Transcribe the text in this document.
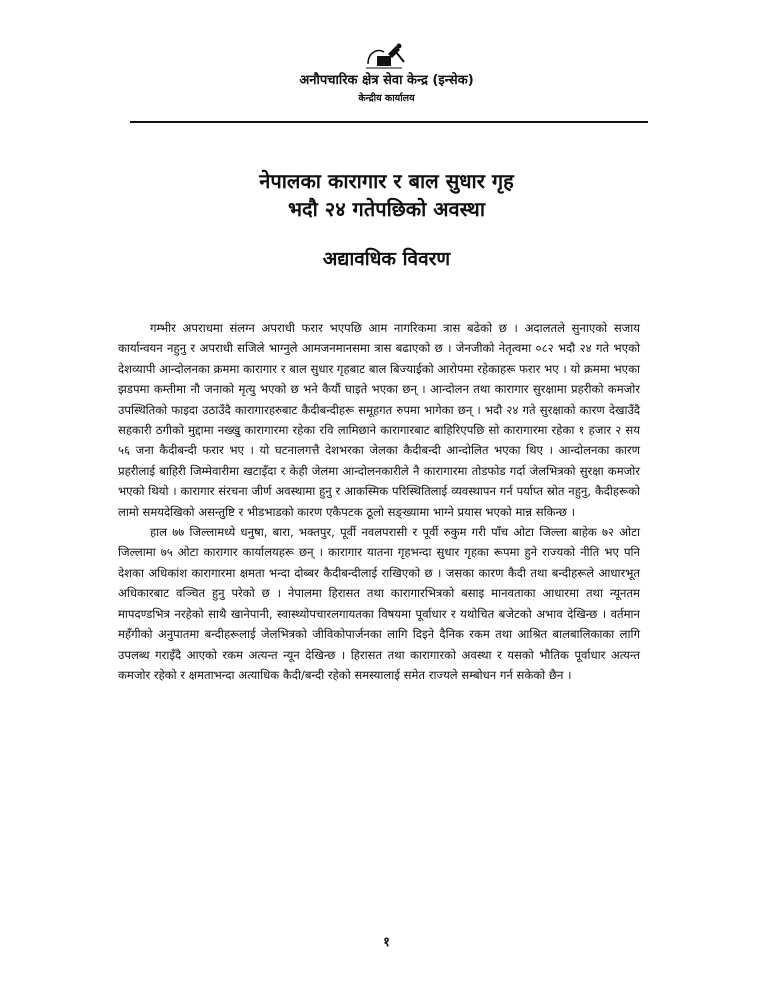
अनौपचारिक क्षेत्र सेवा केन्द्र (इन्सेक)
केन्द्रीय कार्यालय
नेपालका कारागार र बाल सुधार गृह
भदौ २४ गतेपछिको अवस्था
अद्यावधिक विवरण

गम्भीर अपराधमा संलग्न अपराधी फरार भएपछि आम नागरिकमा त्रास बढेको छ । अदालतले सुनाएको सजाय कार्यान्वयन नहुनु र अपराधी सजिले भाग्नुले आमजनमानसमा त्रास बढाएको छ । जेनजीको नेतृत्वमा ०८२ भदौ २४ गते भएको देशव्यापी आन्दोलनका क्रममा कारागार र बाल सुधार गृहबाट बाल बिज्याईको आरोपमा रहेकाहरू फरार भए । यो क्रममा भएका झडपमा कम्तीमा नौ जनाको मृत्यु भएको छ भने कैयौं घाइते भएका छन् । आन्दोलन तथा कारागार सुरक्षामा प्रहरीको कमजोर उपस्थितिको फाइदा उठाउँदै कारागारहरुबाट कैदीबन्दीहरू समूहगत रुपमा भागेका छन् । भदौ २४ गते सुरक्षाको कारण देखाउँदै सहकारी ठगीको मुद्दामा नख्खु कारागारमा रहेका रवि लामिछाने कारागारबाट बाहिरिएपछि सो कारागारमा रहेका १ हजार २ सय ५६ जना कैदीबन्दी फरार भए । यो घटनालगत्तै देशभरका जेलका कैदीबन्दी आन्दोलित भएका थिए । आन्दोलनका कारण प्रहरीलाई बाहिरी जिम्मेवारीमा खटाइँदा र केही जेलमा आन्दोलनकारीले नै कारागारमा तोडफोड गर्दा जेलभित्रको सुरक्षा कमजोर भएको थियो । कारागार संरचना जीर्ण अवस्थामा हुनु र आकस्मिक परिस्थितिलाई व्यवस्थापन गर्न पर्याप्त स्रोत नहुनु, कैदीहरूको लामो समयदेखिको असन्तुष्टि र भीडभाडको कारण एकैपटक ठूलो सङ्ख्यामा भाग्ने प्रयास भएको मान्न सकिन्छ ।

हाल ७७ जिल्लामध्ये धनुषा, बारा, भक्तपुर, पूर्वी नवलपरासी र पूर्वी रुकुम गरी पाँच ओटा जिल्ला बाहेक ७२ ओटा जिल्लामा ७५ ओटा कारागार कार्यालयहरू छन् । कारागार यातना गृहभन्दा सुधार गृहका रूपमा हुने राज्यको नीति भए पनि देशका अधिकांश कारागारमा क्षमता भन्दा दोब्बर कैदीबन्दीलाई राखिएको छ । जसका कारण कैदी तथा बन्दीहरूले आधारभूत अधिकारबाट वञ्चित हुनु परेको छ । नेपालमा हिरासत तथा कारागारभित्रको बसाइ मानवताका आधारमा तथा न्यूनतम मापदण्डभित्र नरहेको साथै खानेपानी, स्वास्थ्योपचारलगायतका विषयमा पूर्वाधार र यथोचित बजेटको अभाव देखिन्छ । वर्तमान महँगीको अनुपातमा बन्दीहरूलाई जेलभित्रको जीविकोपार्जनका लागि दिइने दैनिक रकम तथा आश्रित बालबालिकाका लागि उपलब्ध गराइँदै आएको रकम अत्यन्त न्यून देखिन्छ । हिरासत तथा कारागारको अवस्था र यसको भौतिक पूर्वाधार अत्यन्त कमजोर रहेको र क्षमताभन्दा अत्याधिक कैदी/बन्दी रहेको समस्यालाई समेत राज्यले सम्बोधन गर्न सकेको छैन ।

१
